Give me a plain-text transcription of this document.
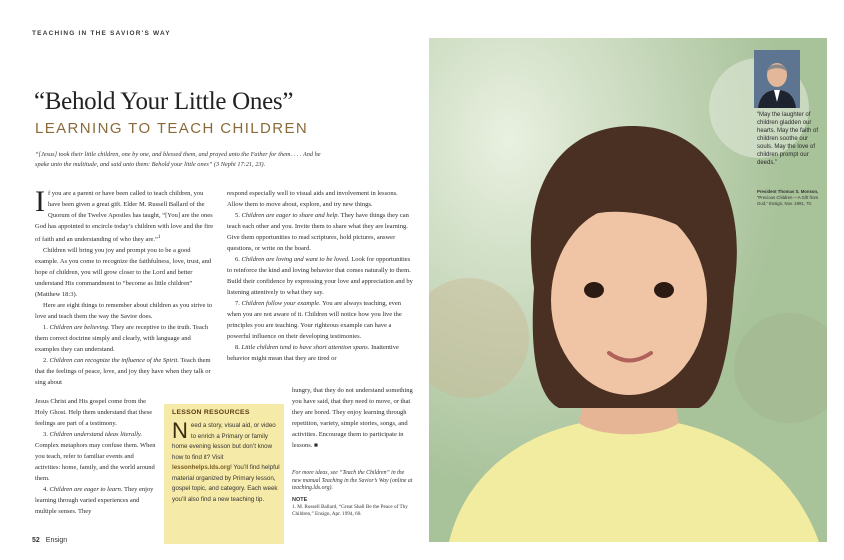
TEACHING IN THE SAVIOR'S WAY
“Behold Your Little Ones”
LEARNING TO TEACH CHILDREN
“[Jesus] took their little children, one by one, and blessed them, and prayed unto the Father for them. . . . And he spake unto the multitude, and said unto them: Behold your little ones” (3 Nephi 17:21, 23).

If you are a parent or have been called to teach children, you have been given a great gift. Elder M. Russell Ballard of the Quorum of the Twelve Apostles has taught, “[You] are the ones God has appointed to encircle today’s children with love and the fire of faith and an understanding of who they are.”$^1$

Children will bring you joy and prompt you to be a good example. As you come to recognize the faithfulness, love, trust, and hope of children, you will grow closer to the Lord and better understand His commandment to “become as little children” (Matthew 18:3).

Here are eight things to remember about children as you strive to love and teach them the way the Savior does.

1. Children are believing. They are receptive to the truth. Teach them correct doctrine simply and clearly, with language and examples they can understand.

2. Children can recognize the influence of the Spirit. Teach them that the feelings of peace, love, and joy they have when they talk or sing about

Jesus Christ and His gospel come from the Holy Ghost. Help them understand that these feelings are part of a testimony.

3. Children understand ideas literally. Complex metaphors may confuse them. When you teach, refer to familiar events and activities: home, family, and the world around them.

4. Children are eager to learn. They enjoy learning through varied experiences and multiple senses. They

respond especially well to visual aids and involvement in lessons. Allow them to move about, explore, and try new things.

5. Children are eager to share and help. They have things they can teach each other and you. Invite them to share what they are learning. Give them opportunities to read scriptures, hold pictures, answer questions, or write on the board.

6. Children are loving and want to be loved. Look for opportunities to reinforce the kind and loving behavior that comes naturally to them. Build their confidence by expressing your love and appreciation and by listening attentively to what they say.

7. Children follow your example. You are always teaching, even when you are not aware of it. Children will notice how you live the principles you are teaching. Your righteous example can have a powerful influence on their developing testimonies.

8. Little children tend to have short attention spans. Inattentive behavior might mean that they are tired or

hungry, that they do not understand something you have said, that they need to move, or that they are bored. They enjoy learning through repetition, variety, simple stories, songs, and activities. Encourage them to participate in lessons. ■

For more ideas, see “Teach the Children” in the new manual Teaching in the Savior’s Way (online at teaching.lds.org).
NOTE
1. M. Russell Ballard, “Great Shall Be the Peace of Thy Children,” Ensign, Apr. 1994, 60.
LESSON RESOURCES
Need a story, visual aid, or video to enrich a Primary or family home evening lesson but don’t know how to find it? Visit lessonhelps.lds.org! You’ll find helpful material organized by Primary lesson, gospel topic, and category. Each week you’ll also find a new teaching tip.
52 Ensign
“May the laughter of children gladden our hearts. May the faith of children soothe our souls. May the love of children prompt our deeds.”
President Thomas S. Monson, “Precious Children —A Gift from God,” Ensign, Nov. 1991, 70.
